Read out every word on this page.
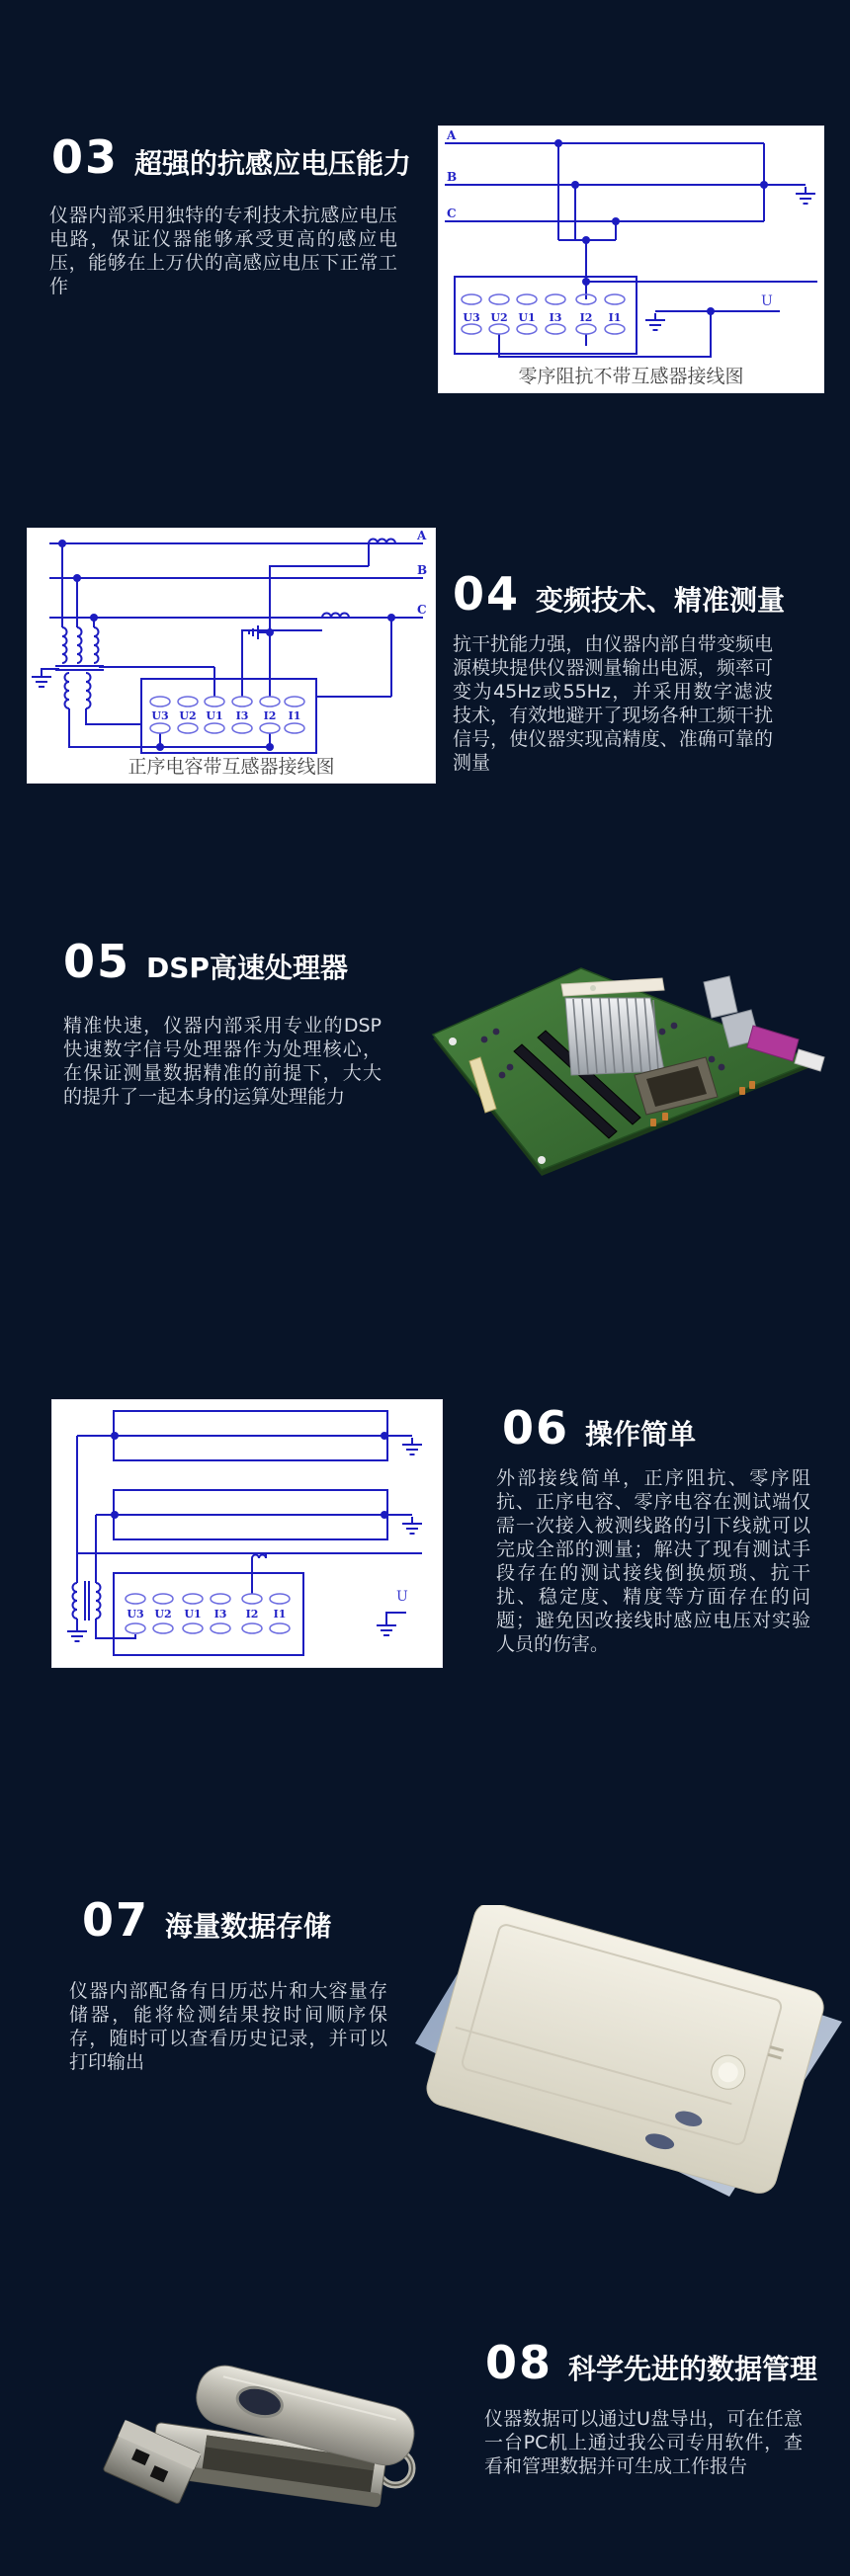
03 超强的抗感应电压能力
仪器内部采用独特的专利技术抗感应电压电路，保证仪器能够承受更高的感应电压，能够在上万伏的高感应电压下正常工作
A
B
C
U3 U2 U1 I3 I2 I1
U
零序阻抗不带互感器接线图
A
B
C
U3 U2 U1 I3 I2 I1
正序电容带互感器接线图
04 变频技术、精准测量
抗干扰能力强，由仪器内部自带变频电源模块提供仪器测量输出电源，频率可变为45Hz或55Hz，并采用数字滤波技术，有效地避开了现场各种工频干扰信号，使仪器实现高精度、准确可靠的测量
05 DSP高速处理器
精准快速，仪器内部采用专业的DSP快速数字信号处理器作为处理核心，在保证测量数据精准的前提下，大大的提升了一起本身的运算处理能力
U3 U2 U1 I3 I2 I1
U
06 操作简单
外部接线简单，正序阻抗、零序阻抗、正序电容、零序电容在测试端仅需一次接入被测线路的引下线就可以完成全部的测量；解决了现有测试手段存在的测试接线倒换烦琐、抗干扰、稳定度、精度等方面存在的问题；避免因改接线时感应电压对实验人员的伤害。
07 海量数据存储
仪器内部配备有日历芯片和大容量存储器，能将检测结果按时间顺序保存，随时可以查看历史记录，并可以打印输出
08 科学先进的数据管理
仪器数据可以通过U盘导出，可在任意一台PC机上通过我公司专用软件，查看和管理数据并可生成工作报告
